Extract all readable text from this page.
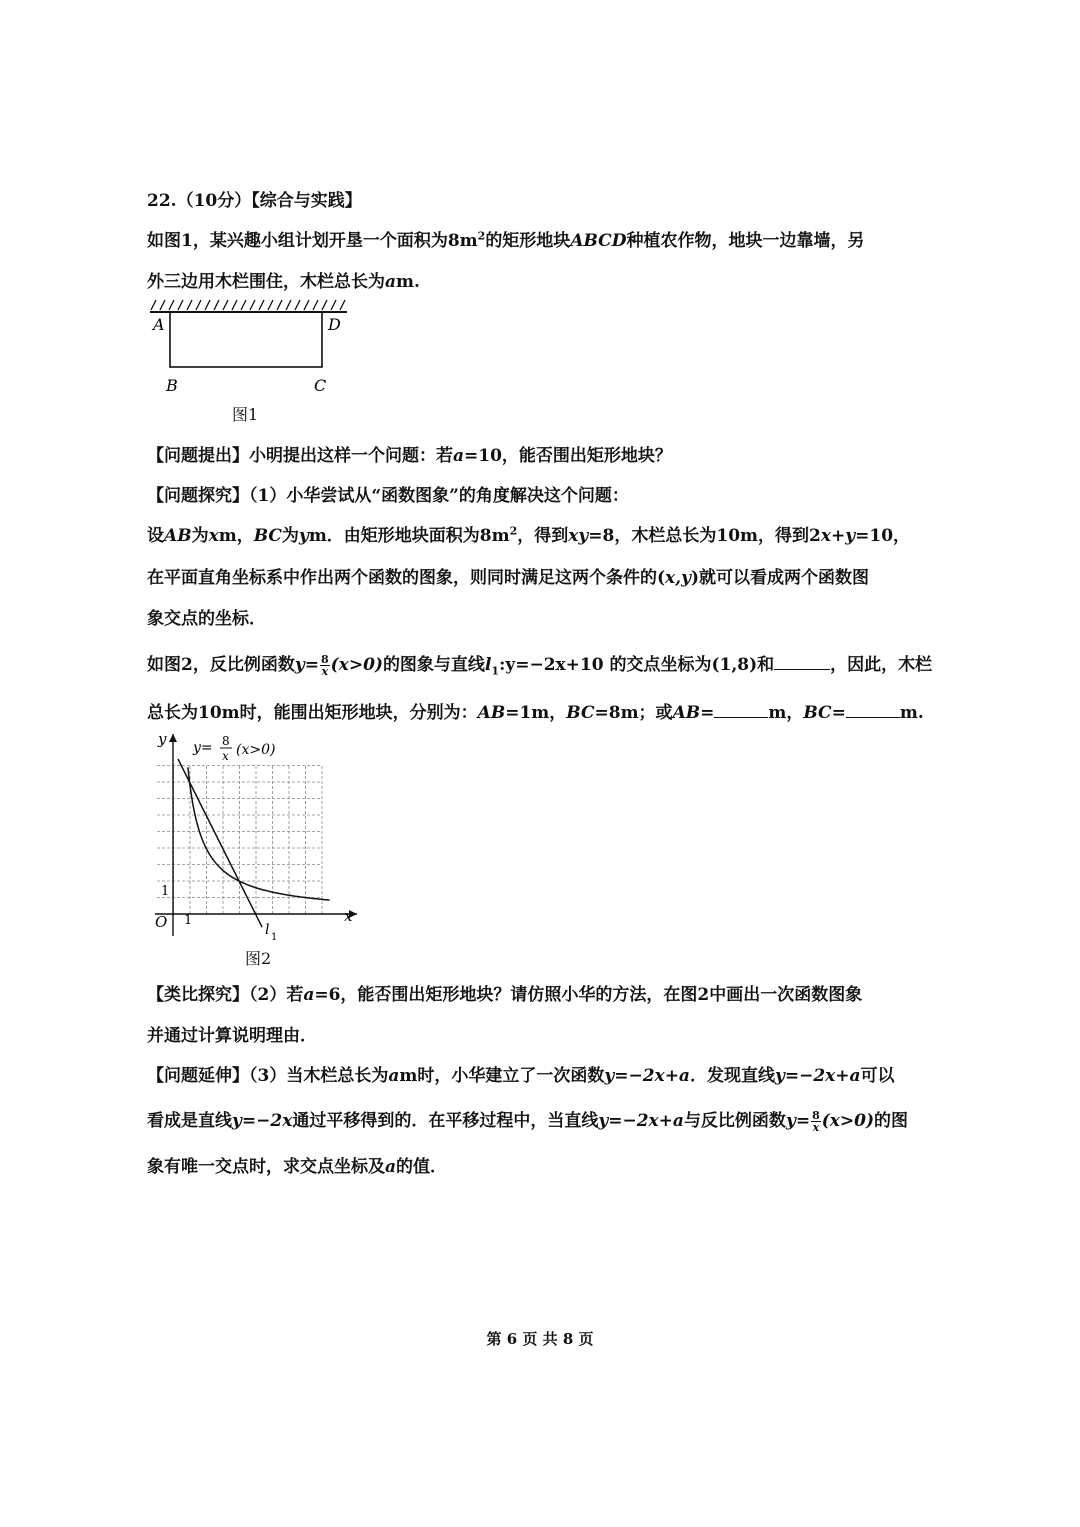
22.（10分）【综合与实践】
如图1，某兴趣小组计划开垦一个面积为$8m^2$的矩形地块ABCD种植农作物，地块一边靠墙，另
外三边用木栏围住，木栏总长为am.
A	D
B	C
图1
【问题提出】小明提出这样一个问题：若a=10，能否围出矩形地块？
【问题探究】（1）小华尝试从“函数图象”的角度解决这个问题：
设AB为xm，BC为ym．由矩形地块面积为$8m^2$，得到xy=8，木栏总长为10m，得到2x+y=10，
在平面直角坐标系中作出两个函数的图象，则同时满足这两个条件的(x,y)就可以看成两个函数图
象交点的坐标．
如图2，反比例函数$y= \frac{8}{x} (x>0)$的图象与直线$l_1:y=-2x+10$ 的交点坐标为(1,8)和	，因此，木栏
总长为10m时，能围出矩形地块，分别为：AB=1m，BC=8m；或AB=	m，BC=	m.
y
x
O 1
1
y= 8
x (x>0)
l 1
图2
【类比探究】（2）若a=6，能否围出矩形地块？请仿照小华的方法，在图2中画出一次函数图象
并通过计算说明理由．
【问题延伸】（3）当木栏总长为am时，小华建立了一次函数y=−2x+a．发现直线y=−2x+a可以
看成是直线y=−2x通过平移得到的．在平移过程中，当直线y=−2x+a与反比例函数$y= \frac{8}{x} (x>0)$的图
象有唯一交点时，求交点坐标及a的值．
第 6 页 共 8 页
